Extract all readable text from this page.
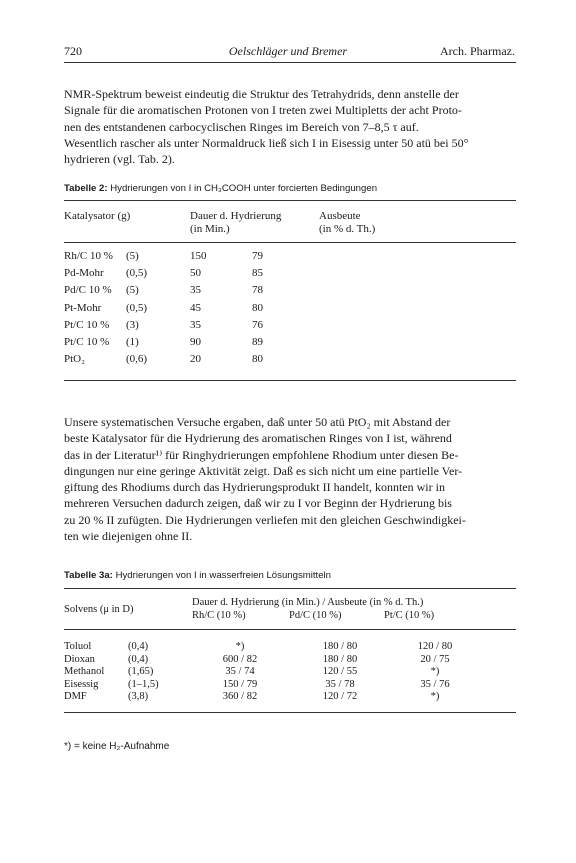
720	Oelschläger und Bremer	Arch. Pharmaz.

NMR-Spektrum beweist eindeutig die Struktur des Tetrahydrids, denn anstelle der

Signale für die aromatischen Protonen von I treten zwei Multipletts der acht Proto-

nen des entstandenen carbocyclischen Ringes im Bereich von 7–8,5 τ auf.

Wesentlich rascher als unter Normaldruck ließ sich I in Eisessig unter 50 atü bei 50°

hydrieren (vgl. Tab. 2).

Tabelle 2: Hydrierungen von I in CH₃COOH unter forcierten Bedingungen
Katalysator (g)	Dauer d. Hydrierung
(in Min.)
Ausbeute
(in % d. Th.)
Rh/C 10 %	(5)	150	79
Pd-Mohr	(0,5)	50	85
Pd/C 10 %	(5)	35	78
Pt-Mohr	(0,5)	45	80
Pt/C 10 %	(3)	35	76
Pt/C 10 %	(1)	90	89
PtO₂	(0,6)	20	80

Unsere systematischen Versuche ergaben, daß unter 50 atü PtO₂ mit Abstand der

beste Katalysator für die Hydrierung des aromatischen Ringes von I ist, während

das in der Literatur¹⁾ für Ringhydrierungen empfohlene Rhodium unter diesen Be-

dingungen nur eine geringe Aktivität zeigt. Daß es sich nicht um eine partielle Ver-

giftung des Rhodiums durch das Hydrierungsprodukt II handelt, konnten wir in

mehreren Versuchen dadurch zeigen, daß wir zu I vor Beginn der Hydrierung bis

zu 20 % II zufügten. Die Hydrierungen verliefen mit den gleichen Geschwindigkei-

ten wie diejenigen ohne II.

Tabelle 3a: Hydrierungen von I in wasserfreien Lösungsmitteln
Solvens (μ in D)
Dauer d. Hydrierung (in Min.) / Ausbeute (in % d. Th.)
Rh/C (10 %)	Pd/C (10 %)	Pt/C (10 %)
Toluol	(0,4)	*)	180 / 80	120 / 80
Dioxan	(0,4)	600 / 82	180 / 80	20 / 75
Methanol	(1,65)	35 / 74	120 / 55	*)
Eisessig	(1–1,5)	150 / 79	35 / 78	35 / 76
DMF	(3,8)	360 / 82	120 / 72	*)
*) = keine H₂-Aufnahme
